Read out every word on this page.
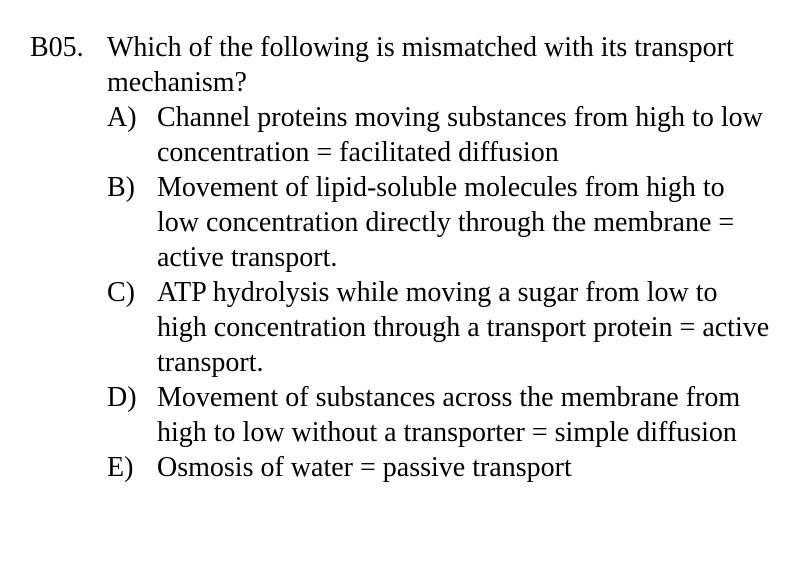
B05. Which of the following is mismatched with its transport mechanism?
A) Channel proteins moving substances from high to low concentration = facilitated diffusion
B) Movement of lipid-soluble molecules from high to low concentration directly through the membrane = active transport.
C) ATP hydrolysis while moving a sugar from low to high concentration through a transport protein = active transport.
D) Movement of substances across the membrane from high to low without a transporter = simple diffusion
E) Osmosis of water = passive transport
